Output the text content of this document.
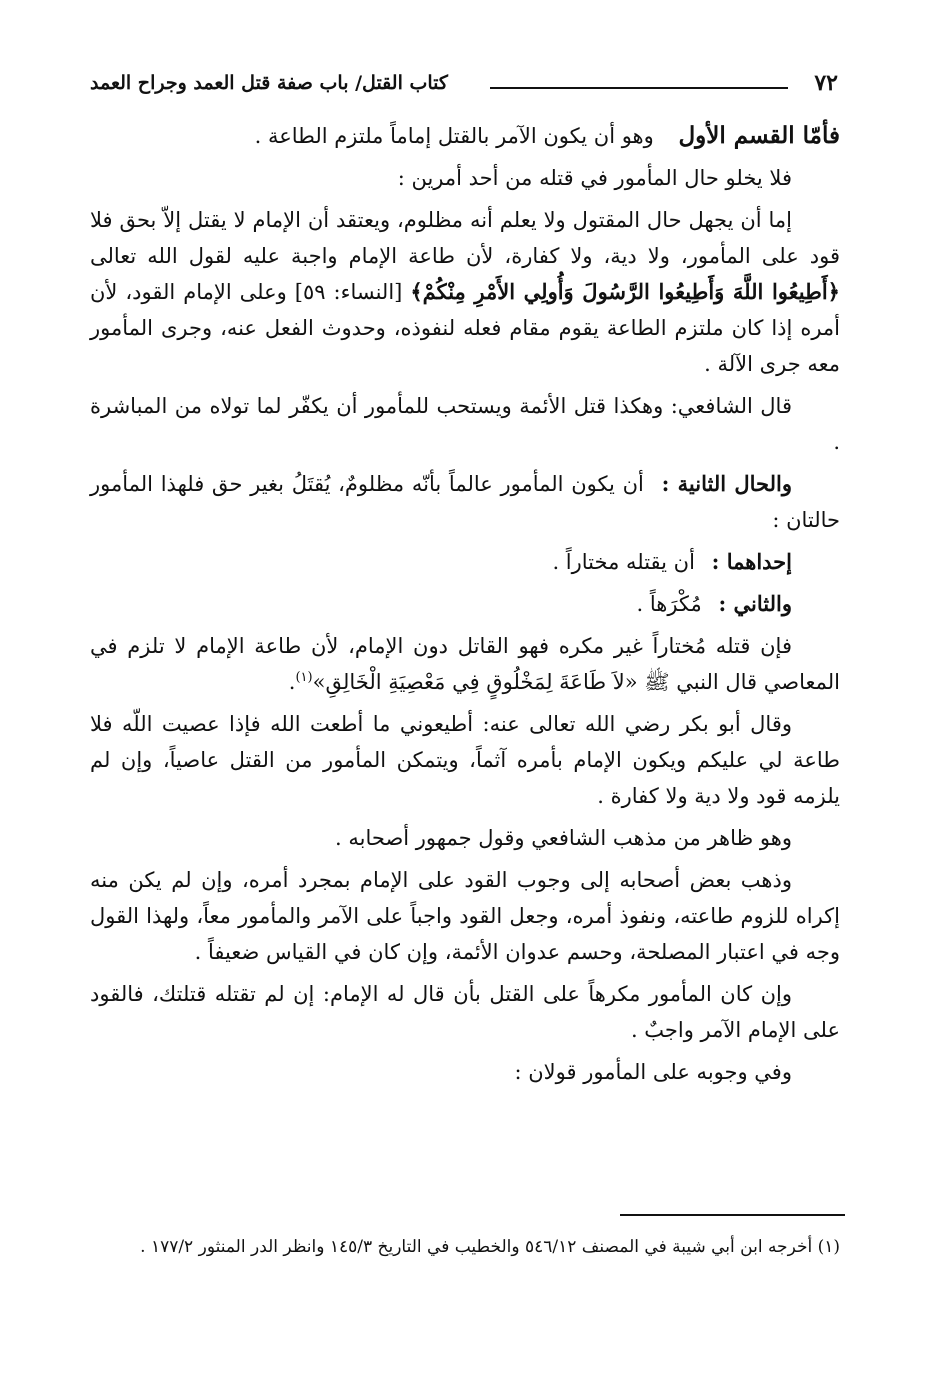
٧٢
كتاب القتل/ باب صفة قتل العمد وجراح العمد

فأمّا القسم الأول وهو أن يكون الآمر بالقتل إماماً ملتزم الطاعة .

فلا يخلو حال المأمور في قتله من أحد أمرين :

إما أن يجهل حال المقتول ولا يعلم أنه مظلوم، ويعتقد أن الإمام لا يقتل إلاّ بحق فلا قود على المأمور، ولا دية، ولا كفارة، لأن طاعة الإمام واجبة عليه لقول الله تعالى ﴿أَطِيعُوا اللَّهَ وَأَطِيعُوا الرَّسُولَ وَأُولِي الأَمْرِ مِنْكُمْ﴾ [النساء: ٥٩] وعلى الإمام القود، لأن أمره إذا كان ملتزم الطاعة يقوم مقام فعله لنفوذه، وحدوث الفعل عنه، وجرى المأمور معه جرى الآلة .

قال الشافعي: وهكذا قتل الأئمة ويستحب للمأمور أن يكفّر لما تولاه من المباشرة .

والحال الثانية : أن يكون المأمور عالماً بأنّه مظلومٌ، يُقتَلُ بغير حق فلهذا المأمور حالتان :

إحداهما : أن يقتله مختاراً .

والثاني : مُكْرَهاً .

فإن قتله مُختاراً غير مكره فهو القاتل دون الإمام، لأن طاعة الإمام لا تلزم في المعاصي قال النبي ﷺ «لاَ طَاعَةَ لِمَخْلُوقٍ فِي مَعْصِيَةِ الْخَالِقِ»$^{(١)}$.

وقال أبو بكر رضي الله تعالى عنه: أطيعوني ما أطعت الله فإذا عصيت اللّه فلا طاعة لي عليكم ويكون الإمام بأمره آثماً، ويتمكن المأمور من القتل عاصياً، وإن لم يلزمه قود ولا دية ولا كفارة .

وهو ظاهر من مذهب الشافعي وقول جمهور أصحابه .

وذهب بعض أصحابه إلى وجوب القود على الإمام بمجرد أمره، وإن لم يكن منه إكراه للزوم طاعته، ونفوذ أمره، وجعل القود واجباً على الآمر والمأمور معاً، ولهذا القول وجه في اعتبار المصلحة، وحسم عدوان الأئمة، وإن كان في القياس ضعيفاً .

وإن كان المأمور مكرهاً على القتل بأن قال له الإمام: إن لم تقتله قتلتك، فالقود على الإمام الآمر واجبٌ .

وفي وجوبه على المأمور قولان :

(١) أخرجه ابن أبي شيبة في المصنف ٥٤٦/١٢ والخطيب في التاريخ ١٤٥/٣ وانظر الدر المنثور ١٧٧/٢ .
